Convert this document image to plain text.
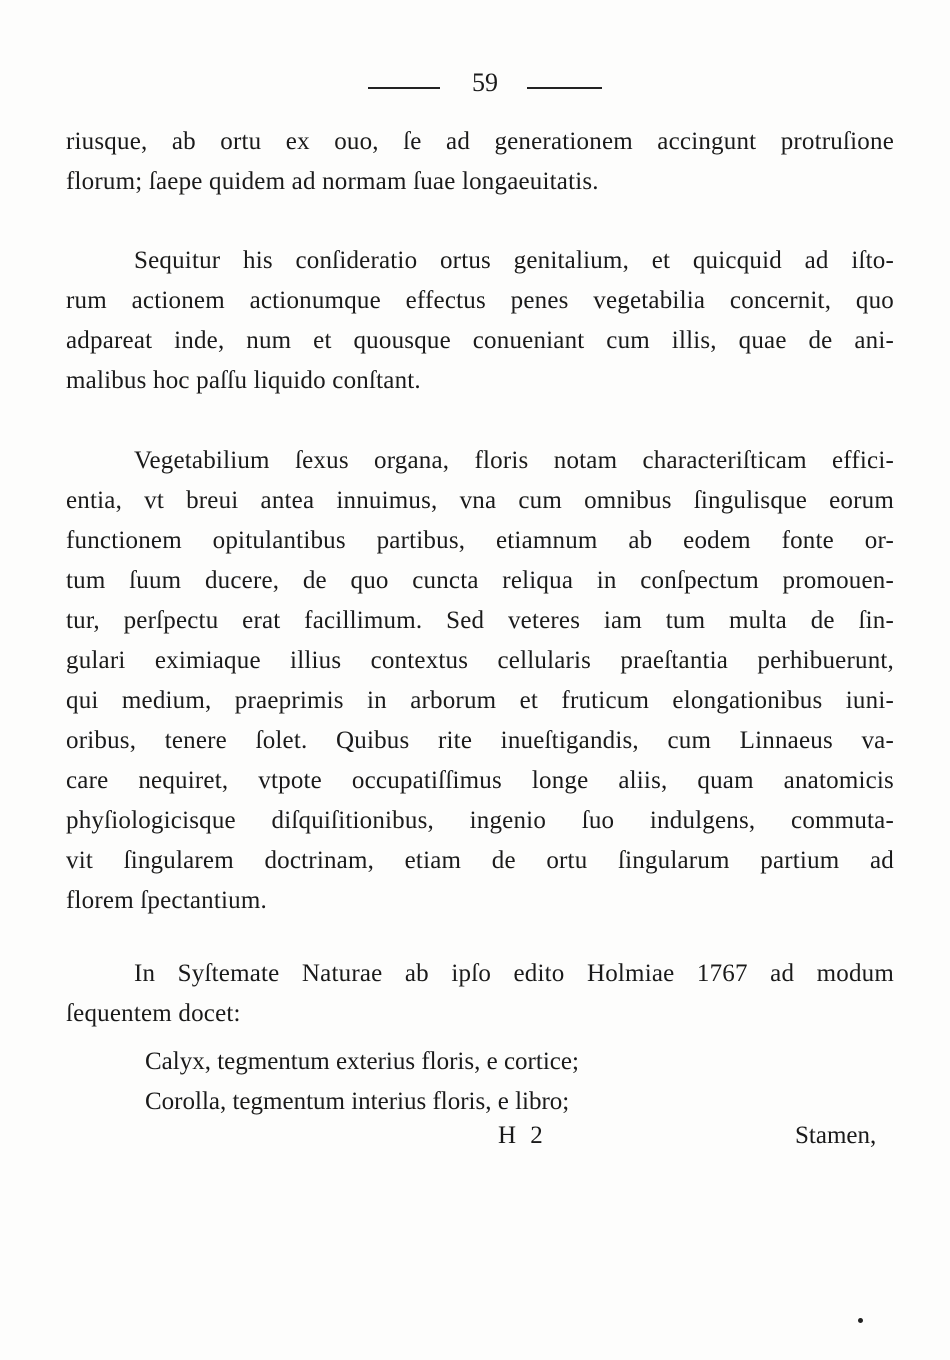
59
riusque, ab ortu ex ouo, ſe ad generationem accingunt protruſione
florum; ſaepe quidem ad normam ſuae longaeuitatis.
Sequitur his conſideratio ortus genitalium, et quicquid ad iſto-
rum actionem actionumque effectus penes vegetabilia concernit, quo
adpareat inde, num et quousque conueniant cum illis, quae de ani-
malibus hoc paſſu liquido conſtant.
Vegetabilium ſexus organa, floris notam characteriſticam effici-
entia, vt breui antea innuimus, vna cum omnibus ſingulisque eorum
functionem opitulantibus partibus, etiamnum ab eodem fonte or-
tum ſuum ducere, de quo cuncta reliqua in conſpectum promouen-
tur, perſpectu erat facillimum. Sed veteres iam tum multa de ſin-
gulari eximiaque illius contextus cellularis praeſtantia perhibuerunt,
qui medium, praeprimis in arborum et fruticum elongationibus iuni-
oribus, tenere ſolet. Quibus rite inueſtigandis, cum Linnaeus va-
care nequiret, vtpote occupatiſſimus longe aliis, quam anatomicis
phyſiologicisque diſquiſitionibus, ingenio ſuo indulgens, commuta-
vit ſingularem doctrinam, etiam de ortu ſingularum partium ad
florem ſpectantium.
In Syſtemate Naturae ab ipſo edito Holmiae 1767 ad modum
ſequentem docet:
Calyx, tegmentum exterius floris, e cortice;
Corolla, tegmentum interius floris, e libro;
H 2	Stamen,
